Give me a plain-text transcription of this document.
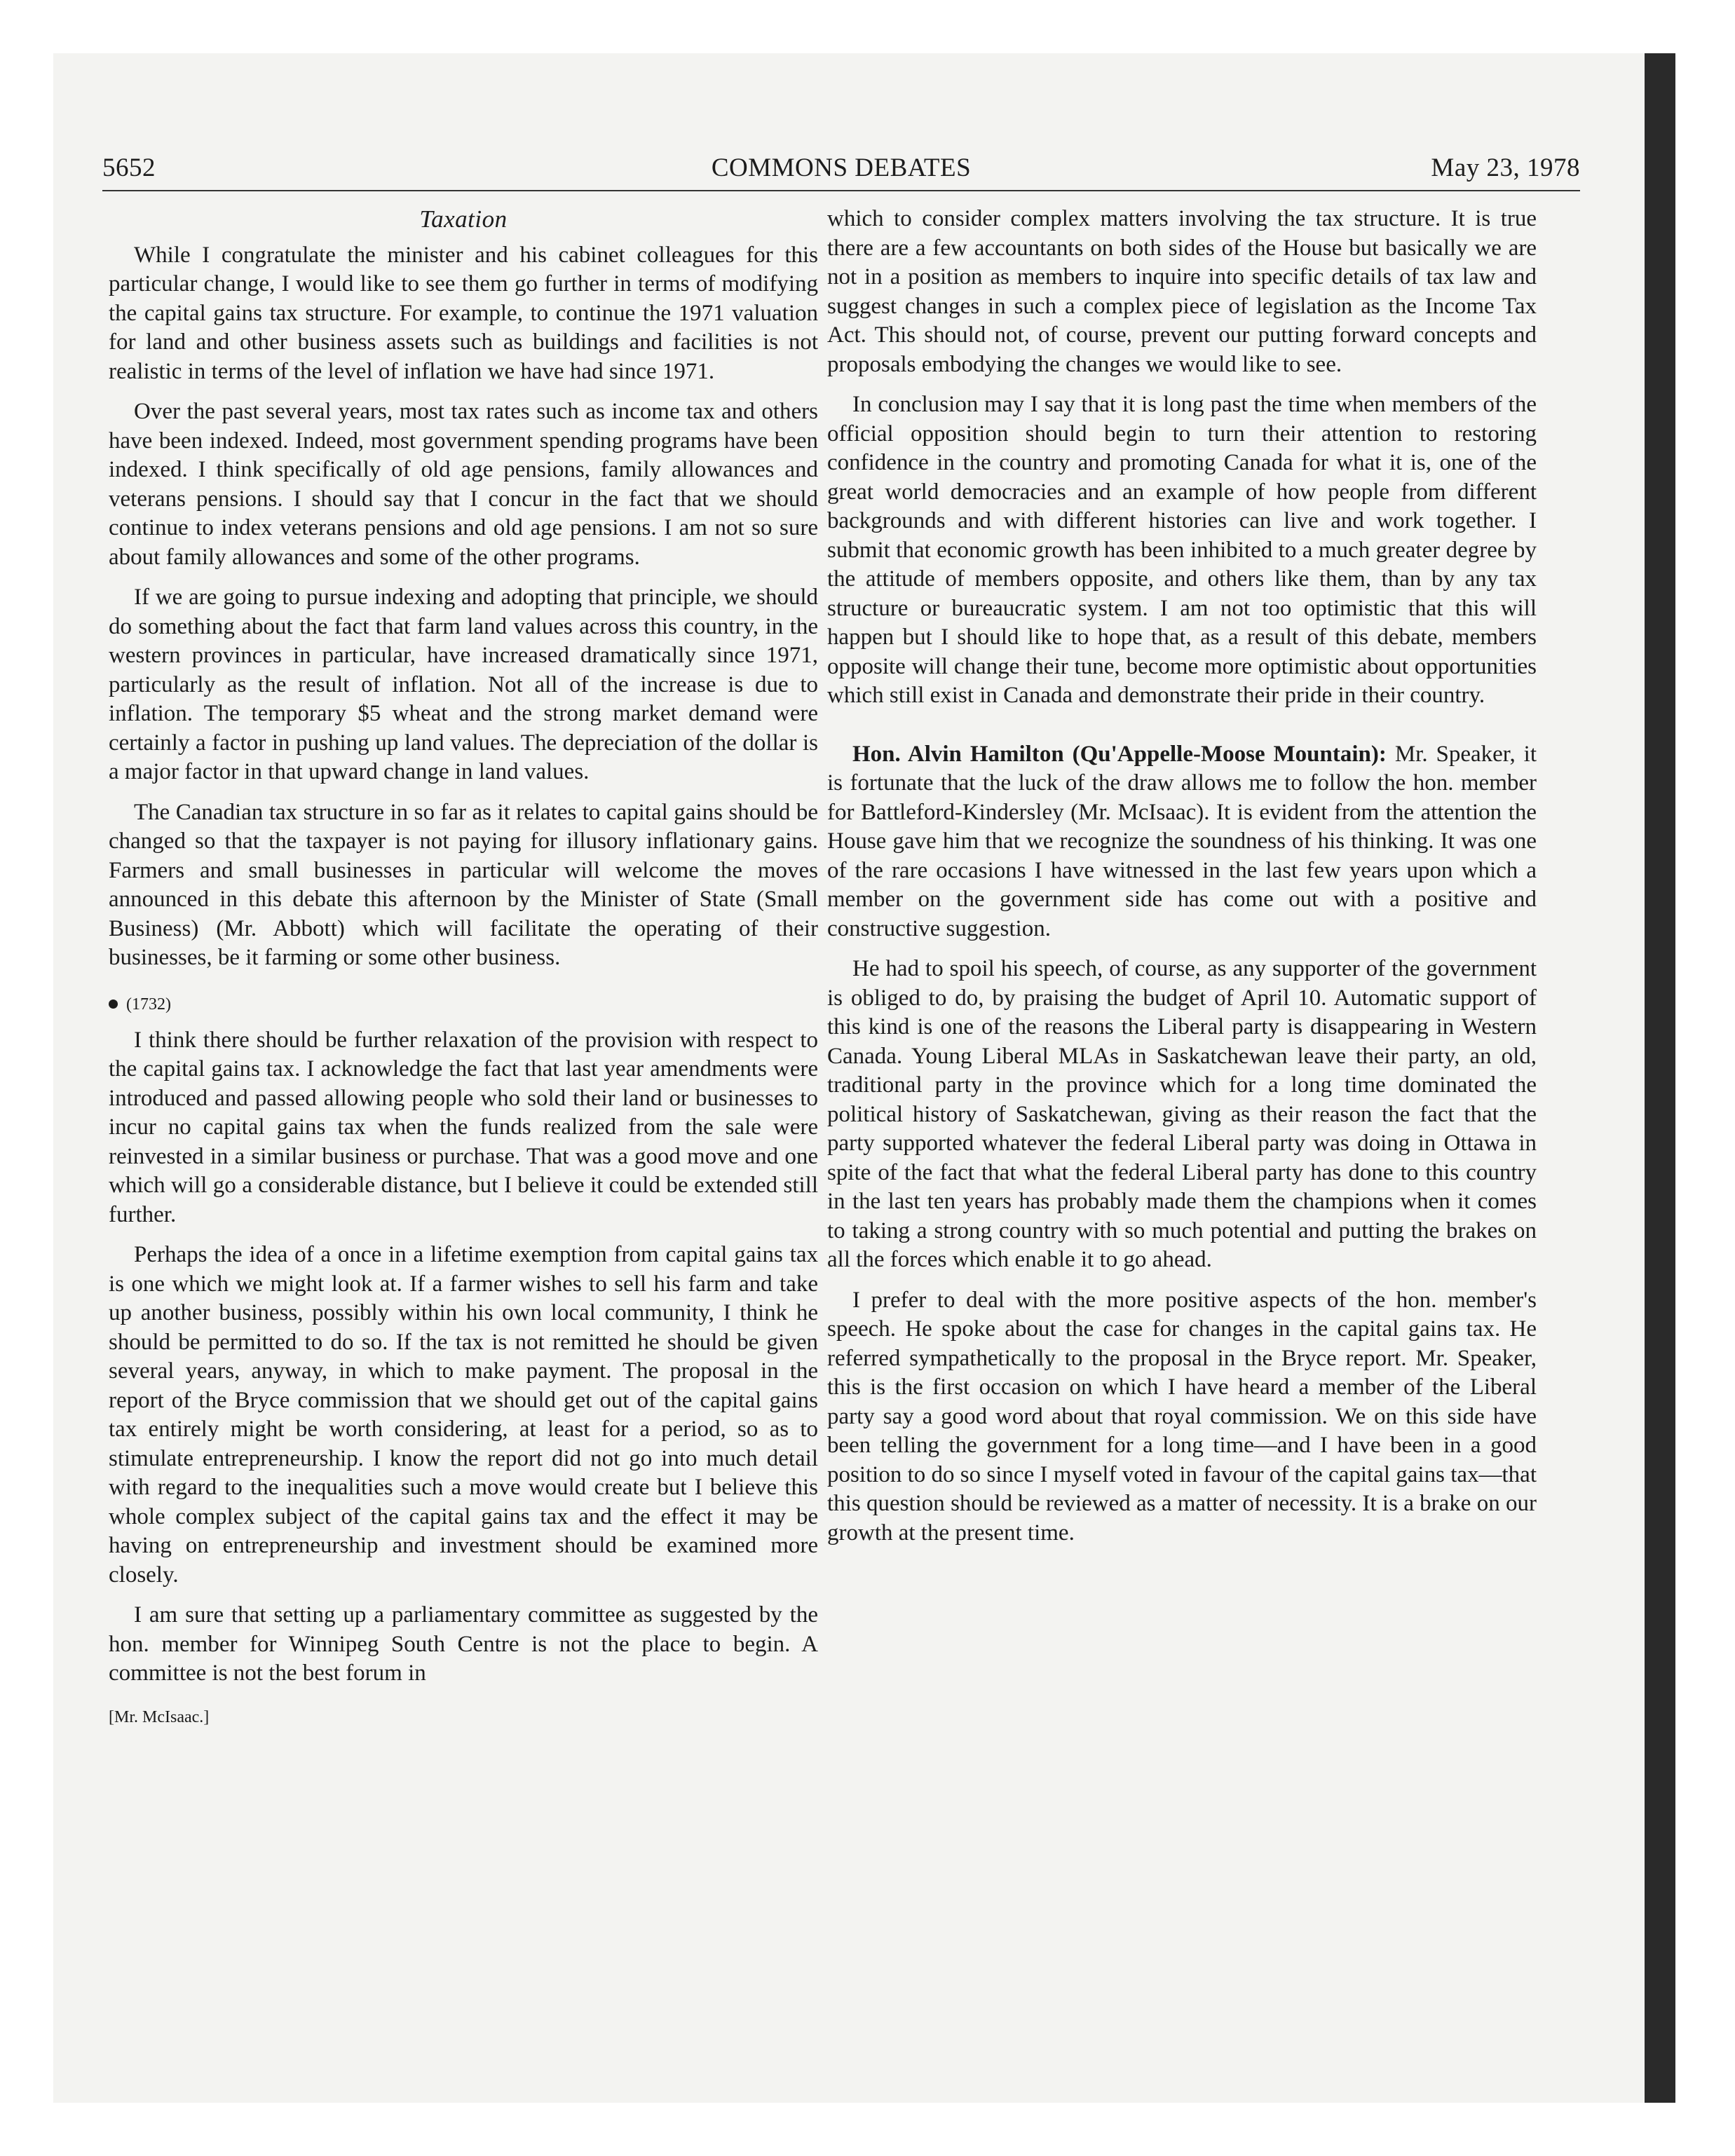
5652	COMMONS DEBATES	May 23, 1978
Taxation

While I congratulate the minister and his cabinet colleagues for this particular change, I would like to see them go further in terms of modifying the capital gains tax structure. For example, to continue the 1971 valuation for land and other business assets such as buildings and facilities is not realistic in terms of the level of inflation we have had since 1971.

Over the past several years, most tax rates such as income tax and others have been indexed. Indeed, most government spending programs have been indexed. I think specifically of old age pensions, family allowances and veterans pensions. I should say that I concur in the fact that we should continue to index veterans pensions and old age pensions. I am not so sure about family allowances and some of the other programs.

If we are going to pursue indexing and adopting that principle, we should do something about the fact that farm land values across this country, in the western provinces in particular, have increased dramatically since 1971, particularly as the result of inflation. Not all of the increase is due to inflation. The temporary $5 wheat and the strong market demand were certainly a factor in pushing up land values. The depreciation of the dollar is a major factor in that upward change in land values.

The Canadian tax structure in so far as it relates to capital gains should be changed so that the taxpayer is not paying for illusory inflationary gains. Farmers and small businesses in particular will welcome the moves announced in this debate this afternoon by the Minister of State (Small Business) (Mr. Abbott) which will facilitate the operating of their businesses, be it farming or some other business.

(1732)

I think there should be further relaxation of the provision with respect to the capital gains tax. I acknowledge the fact that last year amendments were introduced and passed allowing people who sold their land or businesses to incur no capital gains tax when the funds realized from the sale were reinvested in a similar business or purchase. That was a good move and one which will go a considerable distance, but I believe it could be extended still further.

Perhaps the idea of a once in a lifetime exemption from capital gains tax is one which we might look at. If a farmer wishes to sell his farm and take up another business, possibly within his own local community, I think he should be permitted to do so. If the tax is not remitted he should be given several years, anyway, in which to make payment. The proposal in the report of the Bryce commission that we should get out of the capital gains tax entirely might be worth considering, at least for a period, so as to stimulate entrepreneurship. I know the report did not go into much detail with regard to the inequalities such a move would create but I believe this whole complex subject of the capital gains tax and the effect it may be having on entrepreneurship and investment should be examined more closely.

I am sure that setting up a parliamentary committee as suggested by the hon. member for Winnipeg South Centre is not the place to begin. A committee is not the best forum in

[Mr. McIsaac.]

which to consider complex matters involving the tax structure. It is true there are a few accountants on both sides of the House but basically we are not in a position as members to inquire into specific details of tax law and suggest changes in such a complex piece of legislation as the Income Tax Act. This should not, of course, prevent our putting forward concepts and proposals embodying the changes we would like to see.

In conclusion may I say that it is long past the time when members of the official opposition should begin to turn their attention to restoring confidence in the country and promoting Canada for what it is, one of the great world democracies and an example of how people from different backgrounds and with different histories can live and work together. I submit that economic growth has been inhibited to a much greater degree by the attitude of members opposite, and others like them, than by any tax structure or bureaucratic system. I am not too optimistic that this will happen but I should like to hope that, as a result of this debate, members opposite will change their tune, become more optimistic about opportunities which still exist in Canada and demonstrate their pride in their country.

Hon. Alvin Hamilton (Qu'Appelle-Moose Mountain): Mr. Speaker, it is fortunate that the luck of the draw allows me to follow the hon. member for Battleford-Kindersley (Mr. McIsaac). It is evident from the attention the House gave him that we recognize the soundness of his thinking. It was one of the rare occasions I have witnessed in the last few years upon which a member on the government side has come out with a positive and constructive suggestion.

He had to spoil his speech, of course, as any supporter of the government is obliged to do, by praising the budget of April 10. Automatic support of this kind is one of the reasons the Liberal party is disappearing in Western Canada. Young Liberal MLAs in Saskatchewan leave their party, an old, traditional party in the province which for a long time dominated the political history of Saskatchewan, giving as their reason the fact that the party supported whatever the federal Liberal party was doing in Ottawa in spite of the fact that what the federal Liberal party has done to this country in the last ten years has probably made them the champions when it comes to taking a strong country with so much potential and putting the brakes on all the forces which enable it to go ahead.

I prefer to deal with the more positive aspects of the hon. member's speech. He spoke about the case for changes in the capital gains tax. He referred sympathetically to the proposal in the Bryce report. Mr. Speaker, this is the first occasion on which I have heard a member of the Liberal party say a good word about that royal commission. We on this side have been telling the government for a long time—and I have been in a good position to do so since I myself voted in favour of the capital gains tax—that this question should be reviewed as a matter of necessity. It is a brake on our growth at the present time.
